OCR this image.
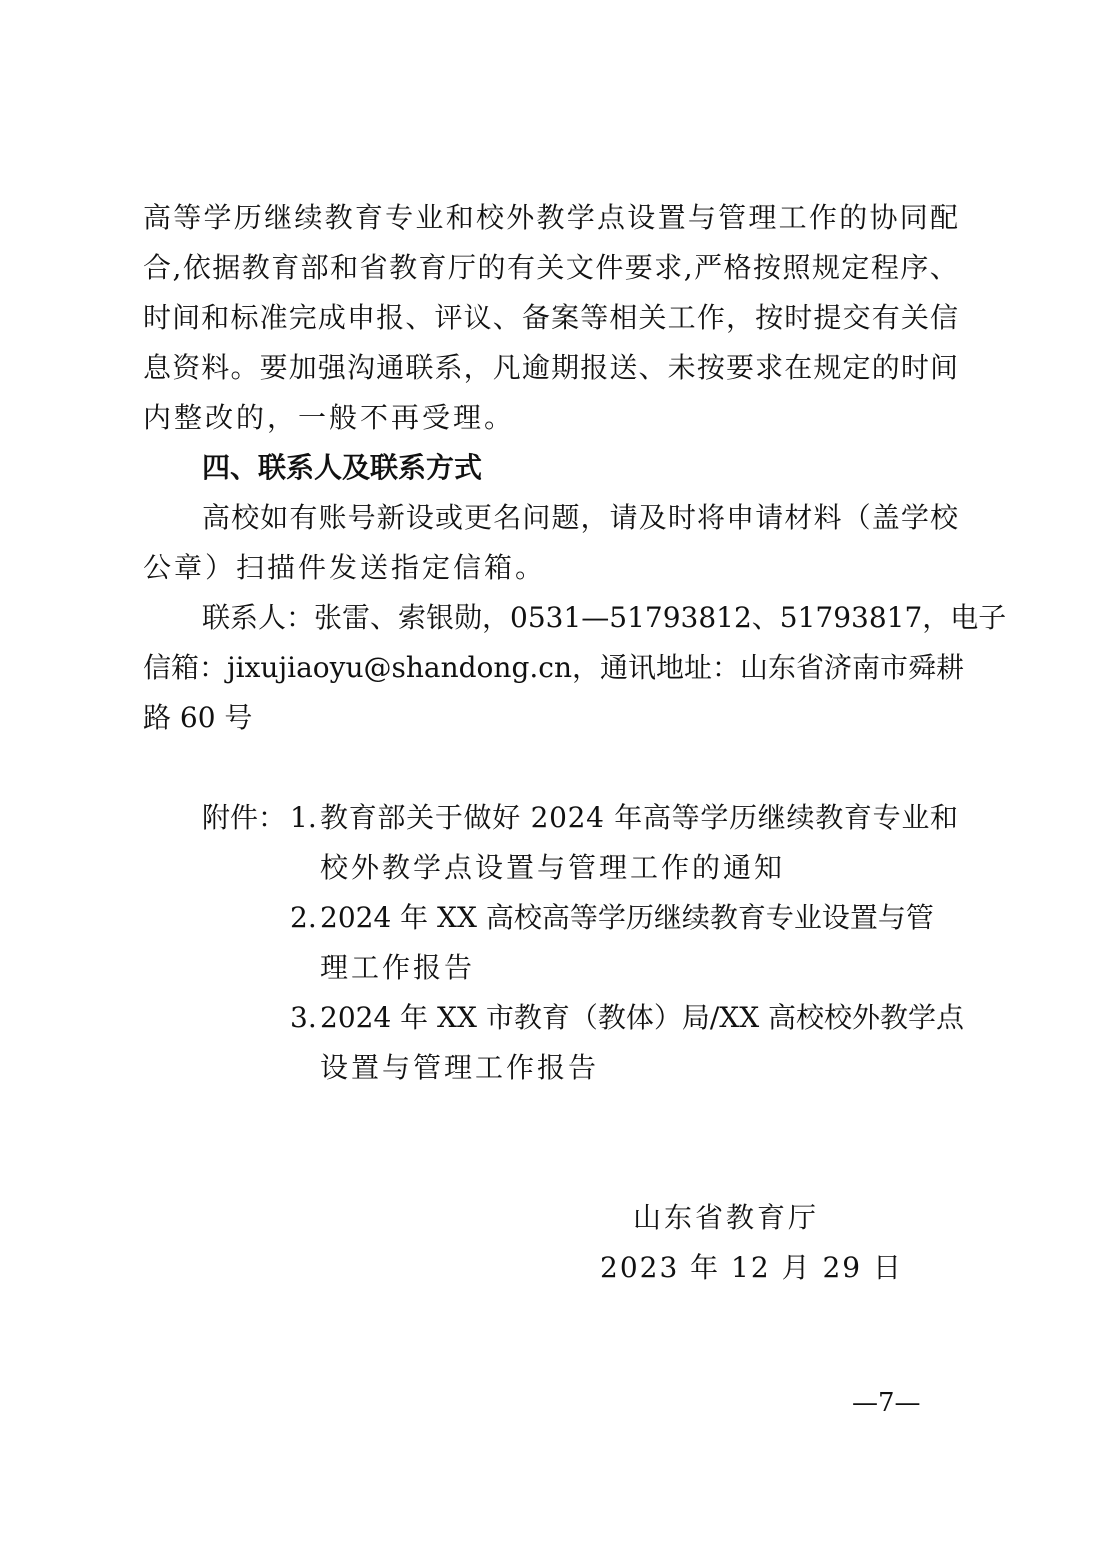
高等学历继续教育专业和校外教学点设置与管理工作的协同配
合,依据教育部和省教育厅的有关文件要求,严格按照规定程序、
时间和标准完成申报、评议、备案等相关工作，按时提交有关信
息资料。要加强沟通联系，凡逾期报送、未按要求在规定的时间
内整改的，一般不再受理。
四、联系人及联系方式
高校如有账号新设或更名问题，请及时将申请材料（盖学校
公章）扫描件发送指定信箱。
联系人：张雷、索银勋，0531—51793812、51793817，电子
信箱：jixujiaoyu@shandong.cn，通讯地址：山东省济南市舜耕
路 60 号
附件： 1. 教育部关于做好 2024 年高等学历继续教育专业和
校外教学点设置与管理工作的通知
2. 2024 年 XX 高校高等学历继续教育专业设置与管
理工作报告
3. 2024 年 XX 市教育（教体）局/XX 高校校外教学点
设置与管理工作报告
山东省教育厅
2023 年 12 月 29 日
—7—
